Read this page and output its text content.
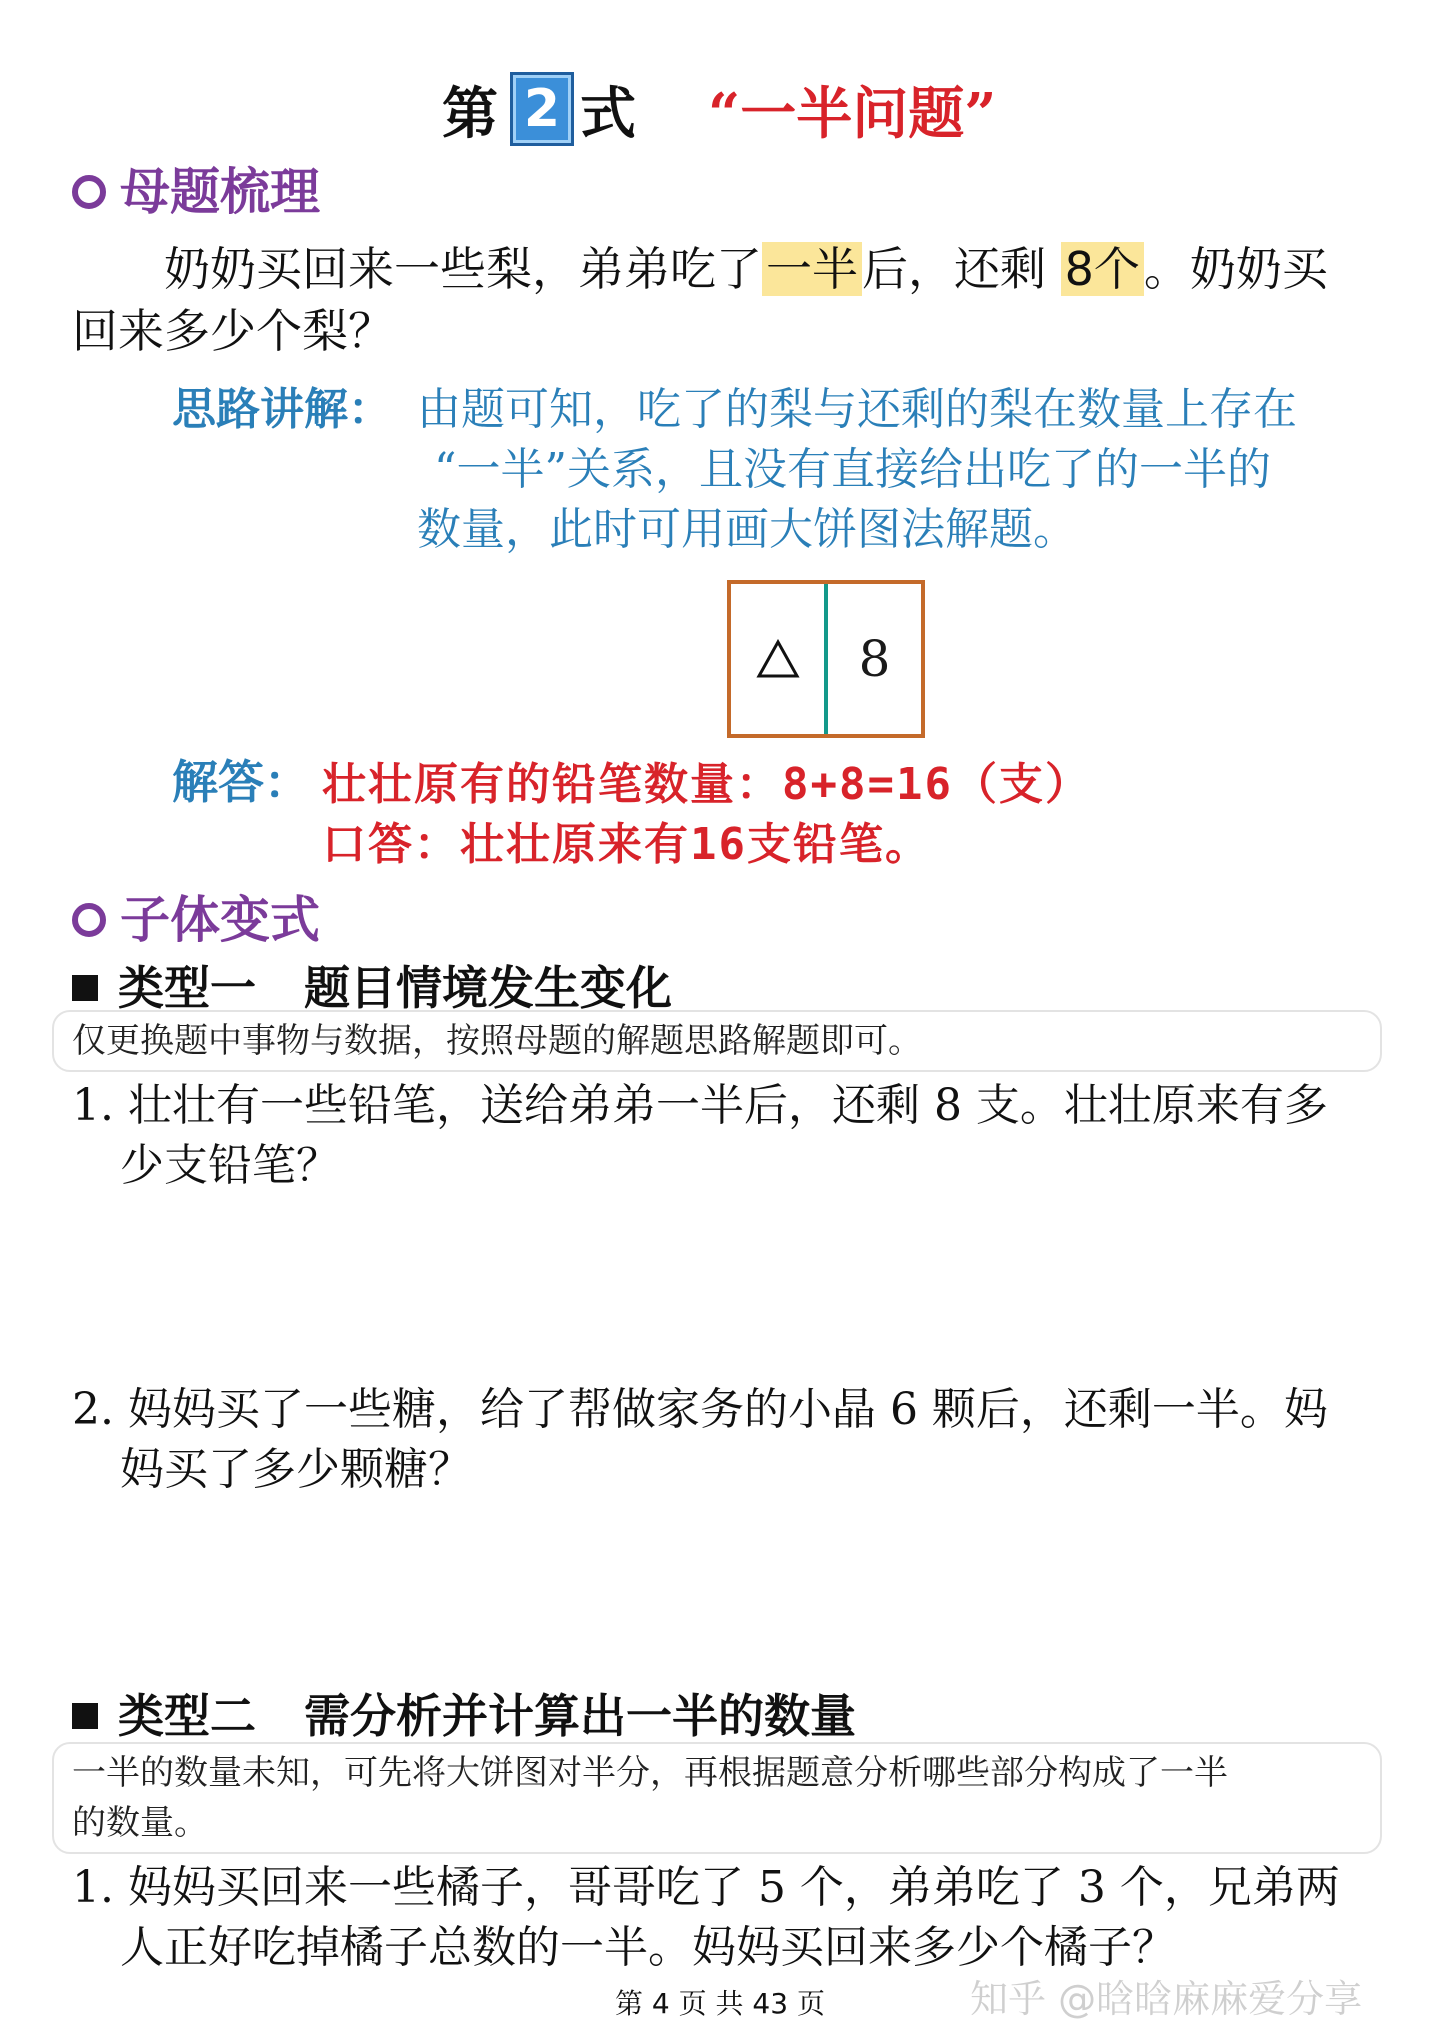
第 2 式 “一半问题”
母题梳理

奶奶买回来一些梨，弟弟吃了一半后，还剩 8个。奶奶买

回来多少个梨？

思路讲解： 由题可知，吃了的梨与还剩的梨在数量上存在
“一半”关系，且没有直接给出吃了的一半的
数量，此时可用画大饼图法解题。
8
解答： 壮壮原有的铅笔数量：8+8=16（支）
口答：壮壮原来有16支铅笔。
子体变式
类型一 题目情境发生变化
仅更换题中事物与数据，按照母题的解题思路解题即可。

1. 壮壮有一些铅笔，送给弟弟一半后，还剩 8 支。壮壮原来有多

少支铅笔？

2. 妈妈买了一些糖，给了帮做家务的小晶 6 颗后，还剩一半。妈

妈买了多少颗糖？

类型二 需分析并计算出一半的数量
一半的数量未知，可先将大饼图对半分，再根据题意分析哪些部分构成了一半
的数量。

1. 妈妈买回来一些橘子，哥哥吃了 5 个，弟弟吃了 3 个，兄弟两

人正好吃掉橘子总数的一半。妈妈买回来多少个橘子？

第 4 页 共 43 页	知乎 @晗晗麻麻爱分享
